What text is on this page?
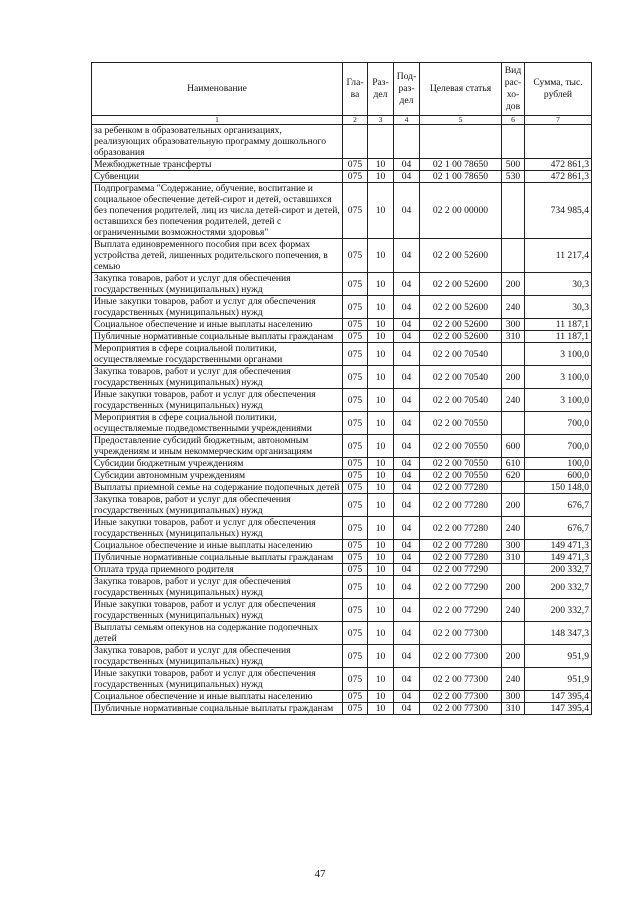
Наименование	Гла-ва	Раз-дел	Под-раз-дел	Целевая статья	Вид рас-хо-дов	Сумма, тыс. рублей
1	2	3	4	5	6	7
за ребенком в образовательных организациях, реализующих образовательную программу дошкольного образования						
Межбюджетные трансферты	075	10	04	02 1 00 78650	500	472 861,3
Субвенции	075	10	04	02 1 00 78650	530	472 861,3
Подпрограмма "Содержание, обучение, воспитание и социальное обеспечение детей-сирот и детей, оставшихся без попечения родителей, лиц из числа детей-сирот и детей, оставшихся без попечения родителей, детей с ограниченными возможностями здоровья"	075	10	04	02 2 00 00000		734 985,4
Выплата единовременного пособия при всех формах устройства детей, лишенных родительского попечения, в семью	075	10	04	02 2 00 52600		11 217,4
Закупка товаров, работ и услуг для обеспечения государственных (муниципальных) нужд	075	10	04	02 2 00 52600	200	30,3
Иные закупки товаров, работ и услуг для обеспечения государственных (муниципальных) нужд	075	10	04	02 2 00 52600	240	30,3
Социальное обеспечение и иные выплаты населению	075	10	04	02 2 00 52600	300	11 187,1
Публичные нормативные социальные выплаты гражданам	075	10	04	02 2 00 52600	310	11 187,1
Мероприятия в сфере социальной политики, осуществляемые государственными органами	075	10	04	02 2 00 70540		3 100,0
Закупка товаров, работ и услуг для обеспечения государственных (муниципальных) нужд	075	10	04	02 2 00 70540	200	3 100,0
Иные закупки товаров, работ и услуг для обеспечения государственных (муниципальных) нужд	075	10	04	02 2 00 70540	240	3 100,0
Мероприятия в сфере социальной политики, осуществляемые подведомственными учреждениями	075	10	04	02 2 00 70550		700,0
Предоставление субсидий бюджетным, автономным учреждениям и иным некоммерческим организациям	075	10	04	02 2 00 70550	600	700,0
Субсидии бюджетным учреждениям	075	10	04	02 2 00 70550	610	100,0
Субсидии автономным учреждениям	075	10	04	02 2 00 70550	620	600,0
Выплаты приемной семье на содержание подопечных детей	075	10	04	02 2 00 77280		150 148,0
Закупка товаров, работ и услуг для обеспечения государственных (муниципальных) нужд	075	10	04	02 2 00 77280	200	676,7
Иные закупки товаров, работ и услуг для обеспечения государственных (муниципальных) нужд	075	10	04	02 2 00 77280	240	676,7
Социальное обеспечение и иные выплаты населению	075	10	04	02 2 00 77280	300	149 471,3
Публичные нормативные социальные выплаты гражданам	075	10	04	02 2 00 77280	310	149 471,3
Оплата труда приемного родителя	075	10	04	02 2 00 77290		200 332,7
Закупка товаров, работ и услуг для обеспечения государственных (муниципальных) нужд	075	10	04	02 2 00 77290	200	200 332,7
Иные закупки товаров, работ и услуг для обеспечения государственных (муниципальных) нужд	075	10	04	02 2 00 77290	240	200 332,7
Выплаты семьям опекунов на содержание подопечных детей	075	10	04	02 2 00 77300		148 347,3
Закупка товаров, работ и услуг для обеспечения государственных (муниципальных) нужд	075	10	04	02 2 00 77300	200	951,9
Иные закупки товаров, работ и услуг для обеспечения государственных (муниципальных) нужд	075	10	04	02 2 00 77300	240	951,9
Социальное обеспечение и иные выплаты населению	075	10	04	02 2 00 77300	300	147 395,4
Публичные нормативные социальные выплаты гражданам	075	10	04	02 2 00 77300	310	147 395,4
47
